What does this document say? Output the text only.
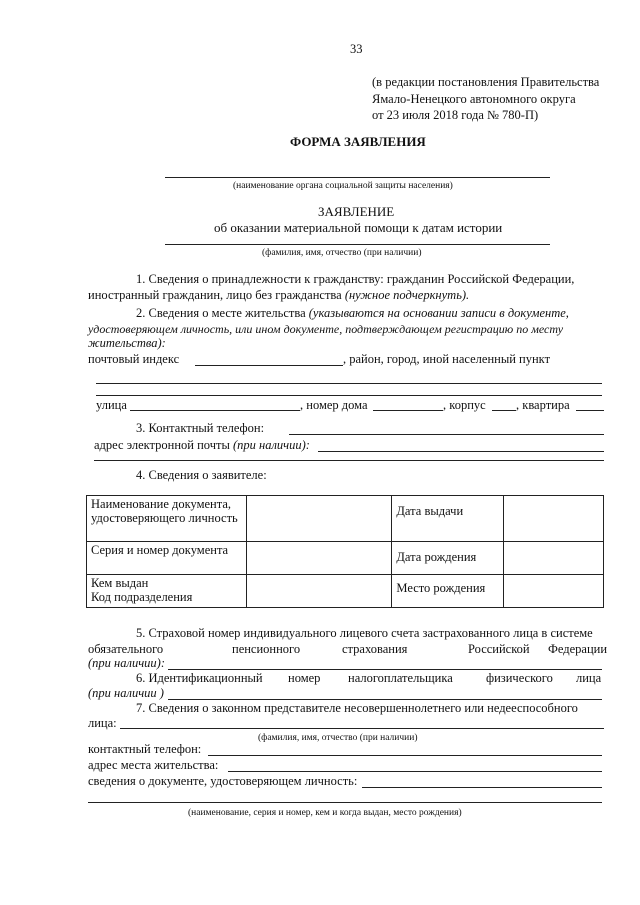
33
(в редакции постановления Правительства
Ямало-Ненецкого автономного округа
от 23 июля 2018 года № 780-П)
ФОРМА ЗАЯВЛЕНИЯ
(наименование органа социальной защиты населения)
ЗАЯВЛЕНИЕ
об оказании материальной помощи к датам истории
(фамилия, имя, отчество (при наличии)
1. Сведения о принадлежности к гражданству: гражданин Российской Федерации,
иностранный гражданин, лицо без гражданства (нужное подчеркнуть).
2. Сведения о месте жительства (указываются на основании записи в документе,
удостоверяющем личность, или ином документе, подтверждающем регистрацию по месту
жительства):
почтовый индекс	, район, город, иной населенный пункт
улица	, номер дома	, корпус , квартира
3. Контактный телефон:
адрес электронной почты (при наличии):
4. Сведения о заявителе:
Наименование документа, удостоверяющего личность		Дата выдачи	
Серия и номер документа		Дата рождения	

Кем выдан
Код подразделения		Место рождения	
5. Страховой номер индивидуального лицевого счета застрахованного лица в системе
обязательного	пенсионного	страхования	Российской Федерации
(при наличии):
6. Идентификационный номер налогоплательщика	физического лица
(при наличии )
7. Сведения о законном представителе несовершеннолетнего или недееспособного
лица:
(фамилия, имя, отчество (при наличии)
контактный телефон:
адрес места жительства:
сведения о документе, удостоверяющем личность:
(наименование, серия и номер, кем и когда выдан, место рождения)
